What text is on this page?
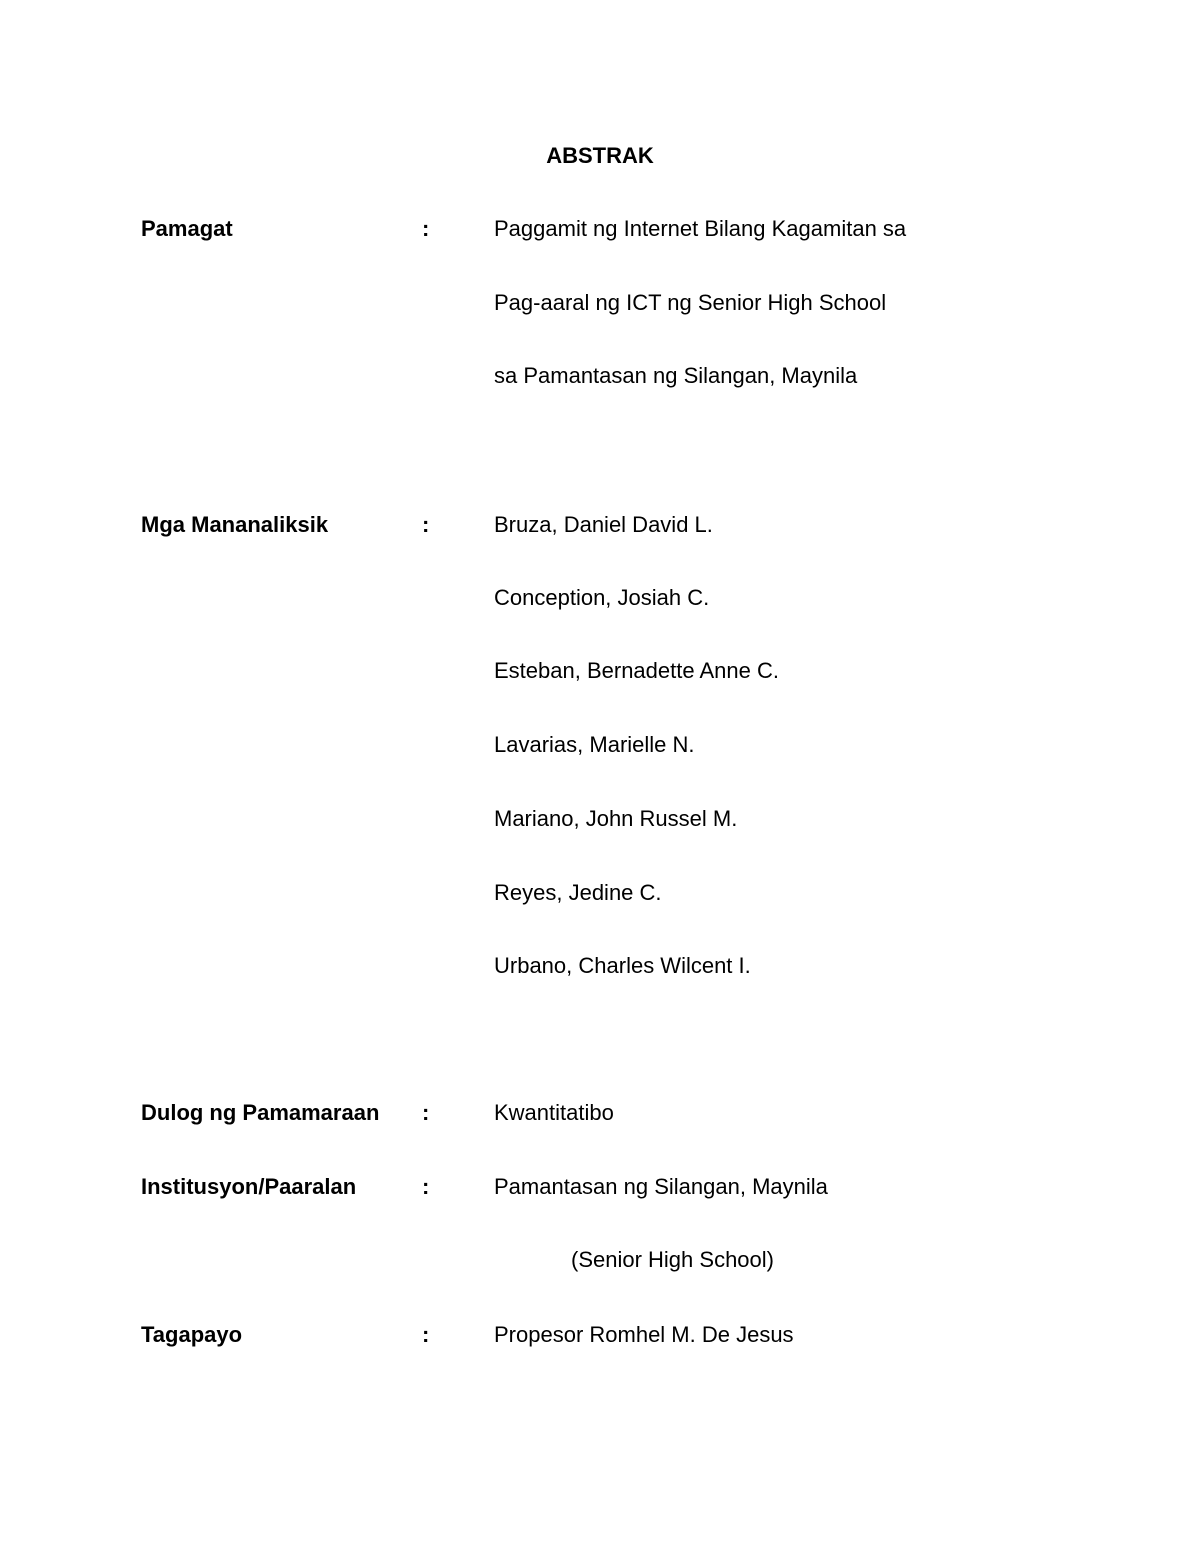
ABSTRAK
Pamagat	:	Paggamit ng Internet Bilang Kagamitan sa
Pag-aaral ng ICT ng Senior High School
sa Pamantasan ng Silangan, Maynila
Mga Mananaliksik	:	Bruza, Daniel David L.
Conception, Josiah C.
Esteban, Bernadette Anne C.
Lavarias, Marielle N.
Mariano, John Russel M.
Reyes, Jedine C.
Urbano, Charles Wilcent I.
Dulog ng Pamamaraan :	Kwantitatibo
Institusyon/Paaralan	:	Pamantasan ng Silangan, Maynila
(Senior High School)
Tagapayo	:	Propesor Romhel M. De Jesus
